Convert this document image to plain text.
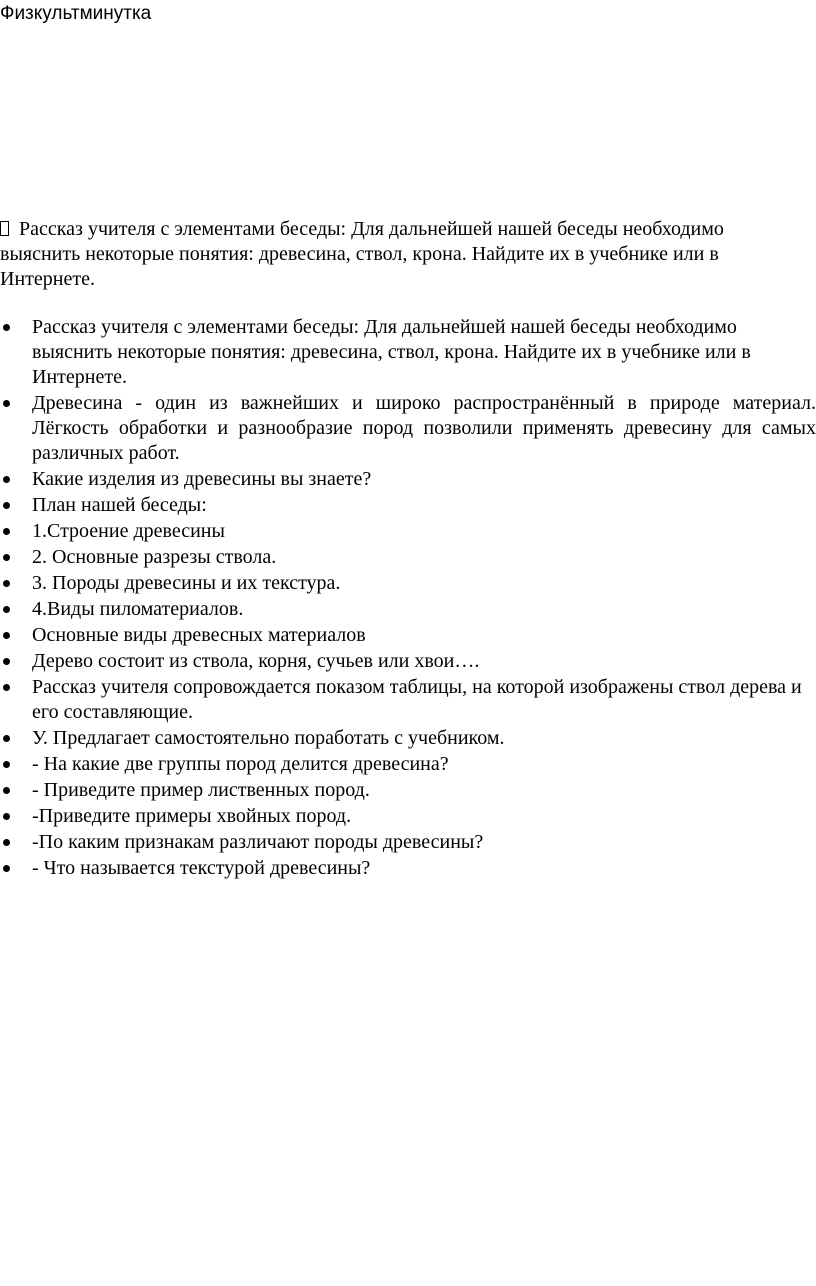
Физкультминутка

Рассказ учителя с элементами беседы: Для дальнейшей нашей беседы необходимо выяснить некоторые понятия: древесина, ствол, крона. Найдите их в учебнике или в Интернете.

Рассказ учителя с элементами беседы: Для дальнейшей нашей беседы необходимо выяснить некоторые понятия: древесина, ствол, крона. Найдите их в учебнике или в Интернете.
Древесина - один из важнейших и широко распространённый в природе материал. Лёгкость обработки и разнообразие пород позволили применять древесину для самых различных работ.
Какие изделия из древесины вы знаете?
План нашей беседы:
1.Строение древесины
2. Основные разрезы ствола.
3. Породы древесины и их текстура.
4.Виды пиломатериалов.
Основные виды древесных материалов
Дерево состоит из ствола, корня, сучьев или хвои….
Рассказ учителя сопровождается показом таблицы, на которой изображены ствол дерева и его составляющие.
У. Предлагает самостоятельно поработать с учебником.
- На какие две группы пород делится древесина?
- Приведите пример лиственных пород.
-Приведите примеры хвойных пород.
-По каким признакам различают породы древесины?
- Что называется текстурой древесины?
